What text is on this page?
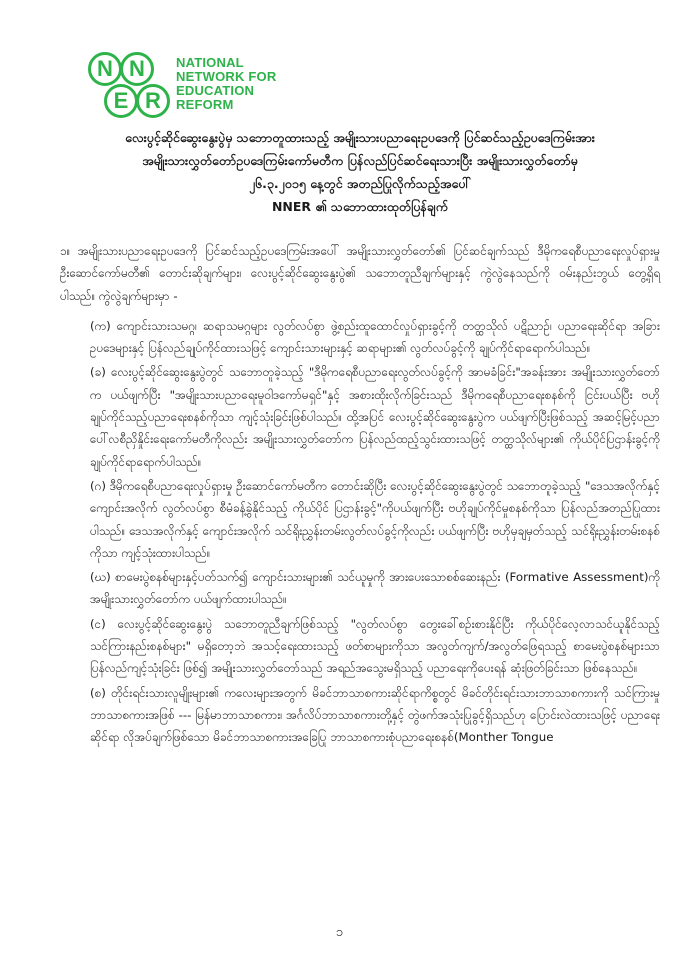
N N
E R
NATIONAL
NETWORK FOR
EDUCATION
REFORM
လေးပွင့်ဆိုင်ဆွေးနွေးပွဲမှ သဘောတူထားသည့် အမျိုးသားပညာရေးဥပဒေကို ပြင်ဆင်သည့်ဥပဒေကြမ်းအား
အမျိုးသားလွှတ်တော်ဥပဒေကြမ်းကော်မတီက ပြန်လည်ပြင်ဆင်ရေးသားပြီး အမျိုးသားလွှတ်တော်မှ
၂၆.၃.၂၀၁၅ နေ့တွင် အတည်ပြုလိုက်သည့်အပေါ်
NNER ၏ သဘောထားထုတ်ပြန်ချက်

၁။ အမျိုးသားပညာရေးဥပဒေကို ပြင်ဆင်သည့်ဥပဒေကြမ်းအပေါ် အမျိုးသားလွှတ်တော်၏ ပြင်ဆင်ချက်သည် ဒီမိုကရေစီပညာရေးလှုပ်ရှားမှု ဦးဆောင်ကော်မတီ၏ တောင်းဆိုချက်များ၊ လေးပွင့်ဆိုင်ဆွေးနွေးပွဲ၏ သဘောတူညီချက်များနှင့် ကွဲလွဲနေသည်ကို ဝမ်းနည်းဘွယ် တွေ့ရှိရပါသည်။ ကွဲလွဲချက်များမှာ -

(က) ကျောင်းသားသမဂ္ဂ၊ ဆရာသမဂ္ဂများ လွတ်လပ်စွာ ဖွဲ့စည်းထူထောင်လှုပ်ရှားခွင့်ကို တတ္ထသိုလ် ပဋိညာဉ်၊ ပညာရေးဆိုင်ရာ အခြားဥပဒေများနှင့် ပြန်လည်ချုပ်ကိုင်ထားသဖြင့် ကျောင်းသားများနှင့် ဆရာများ၏ လွတ်လပ်ခွင့်ကို ချုပ်ကိုင်ရာရောက်ပါသည်။

(ခ) လေးပွင့်ဆိုင်ဆွေးနွေးပွဲတွင် သဘောတူခဲ့သည့် "ဒီမိုကရေစီပညာရေးလွတ်လပ်ခွင့်ကို အာမခံခြင်း"အခန်းအား အမျိုးသားလွှတ်တော်က ပယ်ဖျက်ပြီး "အမျိုးသားပညာရေးမူဝါဒကော်မရှင်"နှင့် အစားထိုးလိုက်ခြင်းသည် ဒီမိုကရေစီပညာရေးစနစ်ကို ငြင်းပယ်ပြီး ဗဟိုချုပ်ကိုင်သည့်ပညာရေးစနစ်ကိုသာ ကျင့်သုံးခြင်းဖြစ်ပါသည်။ ထို့အပြင် လေးပွင့်ဆိုင်ဆွေးနွေးပွဲက ပယ်ဖျက်ပြီးဖြစ်သည့် အဆင့်မြင့်ပညာ ပေါ်လစီညှိနှိုင်းရေးကော်မတီကိုလည်း အမျိုးသားလွှတ်တော်က ပြန်လည်ထည့်သွင်းထားသဖြင့် တတ္ထသိုလ်များ၏ ကိုယ်ပိုင်ပြဌာန်းခွင့်ကို ချုပ်ကိုင်ရာရောက်ပါသည်။

(ဂ) ဒီမိုကရေစီပညာရေးလှုပ်ရှားမှု ဦးဆောင်ကော်မတီက တောင်းဆိုပြီး လေးပွင့်ဆိုင်ဆွေးနွေးပွဲတွင် သဘောတူခဲ့သည့် "ဒေသအလိုက်နှင့် ကျောင်းအလိုက် လွတ်လပ်စွာ စီမံခန့်ခွဲနိုင်သည့် ကိုယ်ပိုင် ပြဌာန်းခွင့်"ကိုပယ်ဖျက်ပြီး ဗဟိုချုပ်ကိုင်မှုစနစ်ကိုသာ ပြန်လည်အတည်ပြုထားပါသည်။ ဒေသအလိုက်နှင့် ကျောင်းအလိုက် သင်ရိုးညွှန်းတမ်းလွတ်လပ်ခွင့်ကိုလည်း ပယ်ဖျက်ပြီး ဗဟိုမှချမှတ်သည့် သင်ရိုးညွှန်းတမ်းစနစ်ကိုသာ ကျင့်သုံးထားပါသည်။

(ဃ) စာမေးပွဲစနစ်များနှင့်ပတ်သက်၍ ကျောင်းသားများ၏ သင်ယူမှုကို အားပေးသောစစ်ဆေးနည်း (Formative Assessment)ကို အမျိုးသားလွှတ်တော်က ပယ်ဖျက်ထားပါသည်။

(င) လေးပွင့်ဆိုင်ဆွေးနွေးပွဲ သဘောတူညီချက်ဖြစ်သည့် "လွတ်လပ်စွာ တွေးခေါ်စဉ်းစားနိုင်ပြီး ကိုယ်ပိုင်လေ့လာသင်ယူနိုင်သည့် သင်ကြားနည်းစနစ်များ" မရှိတော့ဘဲ အသင့်ရေးထားသည့် ဖတ်စာများကိုသာ အလွတ်ကျက်/အလွတ်ဖြေရသည့် စာမေးပွဲစနစ်များသာ ပြန်လည်ကျင့်သုံးခြင်း ဖြစ်၍ အမျိုးသားလွှတ်တော်သည် အရည်အသွေးမရှိသည့် ပညာရေးကိုပေးရန် ဆုံးဖြတ်ခြင်းသာ ဖြစ်နေသည်။

(စ) တိုင်းရင်းသားလူမျိုးများ၏ ကလေးများအတွက် မိခင်ဘာသာစကားဆိုင်ရာကိစ္စတွင် မိခင်တိုင်းရင်းသားဘာသာစကားကို သင်ကြားမှုဘာသာစကားအဖြစ် --- မြန်မာဘာသာစကား၊ အင်္ဂလိပ်ဘာသာစကားတို့နှင့် တွဲဖက်အသုံးပြုခွင့်ရှိသည်ဟု ပြောင်းလဲထားသဖြင့် ပညာရေးဆိုင်ရာ လိုအပ်ချက်ဖြစ်သော မိခင်ဘာသာစကားအခြေပြု ဘာသာစကားစုံပညာရေးစနစ်(Monther Tongue

၁
